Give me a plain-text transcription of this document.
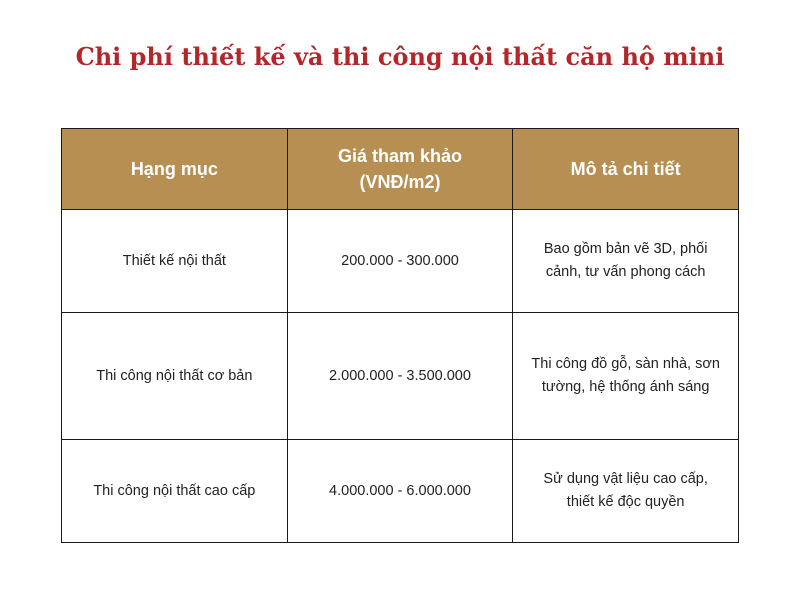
Chi phí thiết kế và thi công nội thất căn hộ mini
Hạng mục	Giá tham khảo (VNĐ/m2)	Mô tả chi tiết
Thiết kế nội thất	200.000 - 300.000	Bao gồm bản vẽ 3D, phối cảnh, tư vấn phong cách
Thi công nội thất cơ bản	2.000.000 - 3.500.000	Thi công đồ gỗ, sàn nhà, sơn tường, hệ thống ánh sáng
Thi công nội thất cao cấp	4.000.000 - 6.000.000	Sử dụng vật liệu cao cấp, thiết kế độc quyền
